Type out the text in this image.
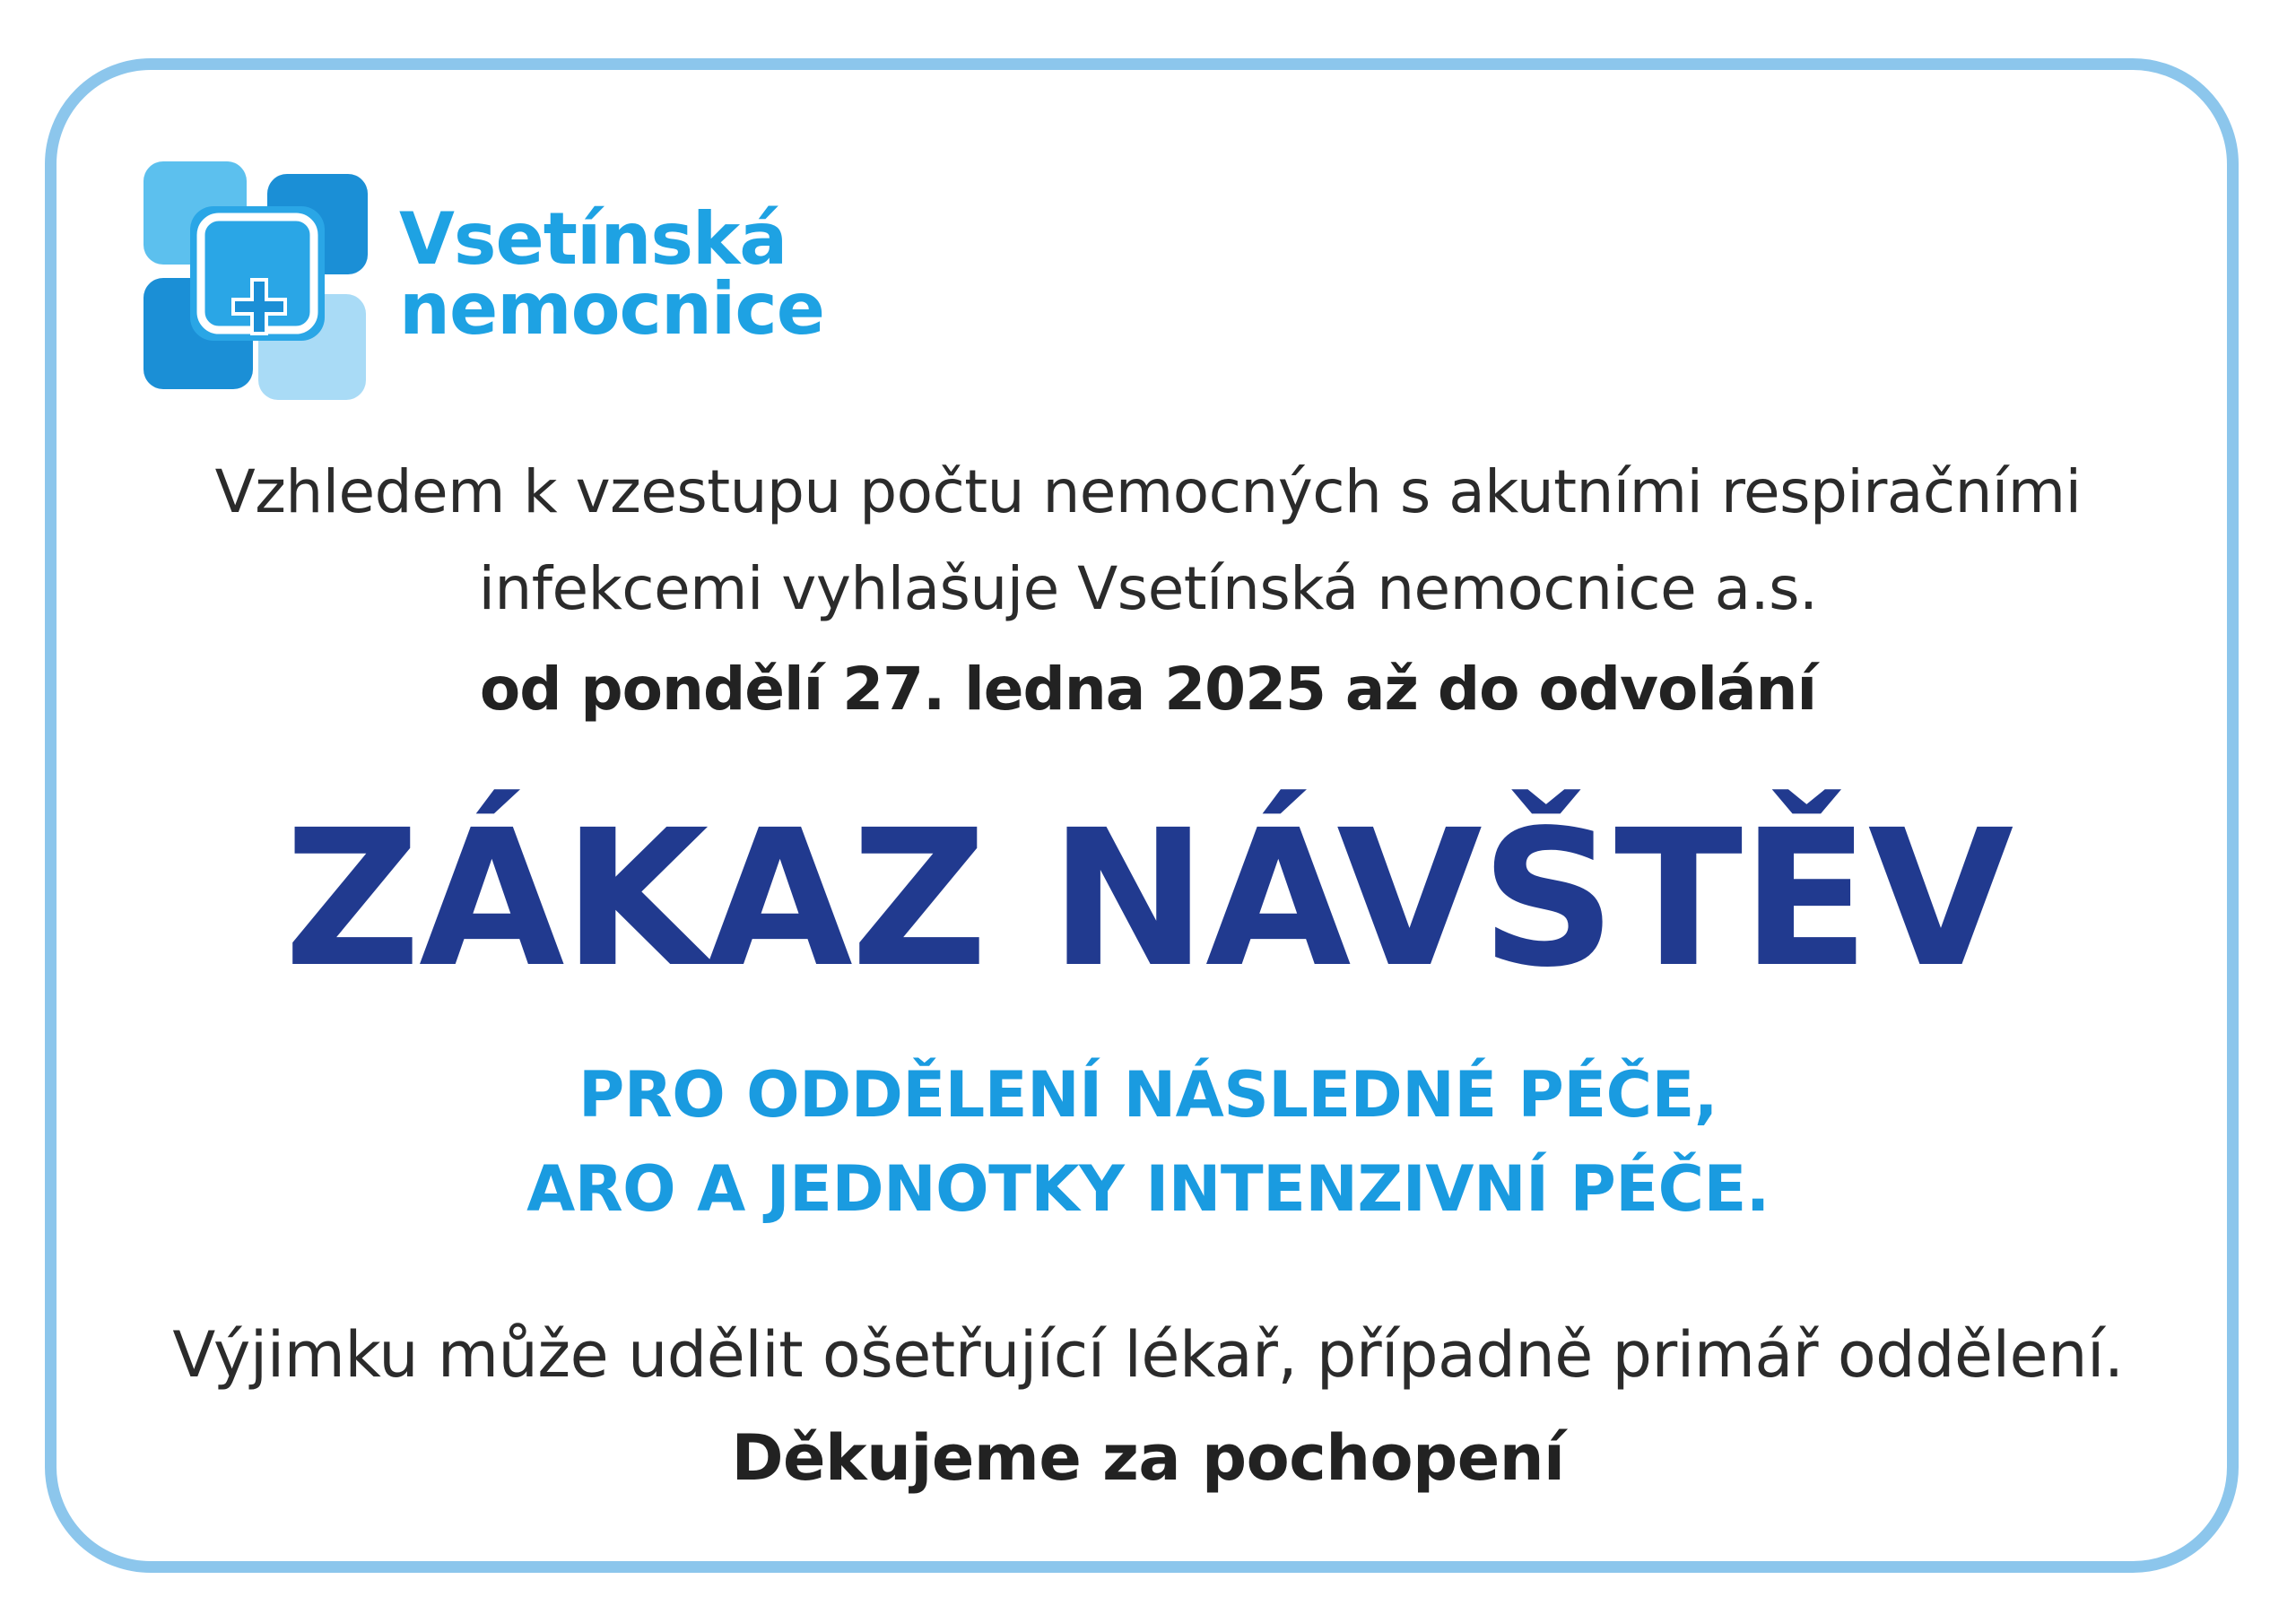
Vsetínská
nemocnice
Vzhledem k vzestupu počtu nemocných s akutními respiračními
infekcemi vyhlašuje Vsetínská nemocnice a.s.
od pondělí 27. ledna 2025 až do odvolání
ZÁKAZ NÁVŠTĚV
PRO ODDĚLENÍ NÁSLEDNÉ PÉČE,
ARO A JEDNOTKY INTENZIVNÍ PÉČE.
Výjimku může udělit ošetřující lékař, případně primář oddělení.
Děkujeme za pochopení
